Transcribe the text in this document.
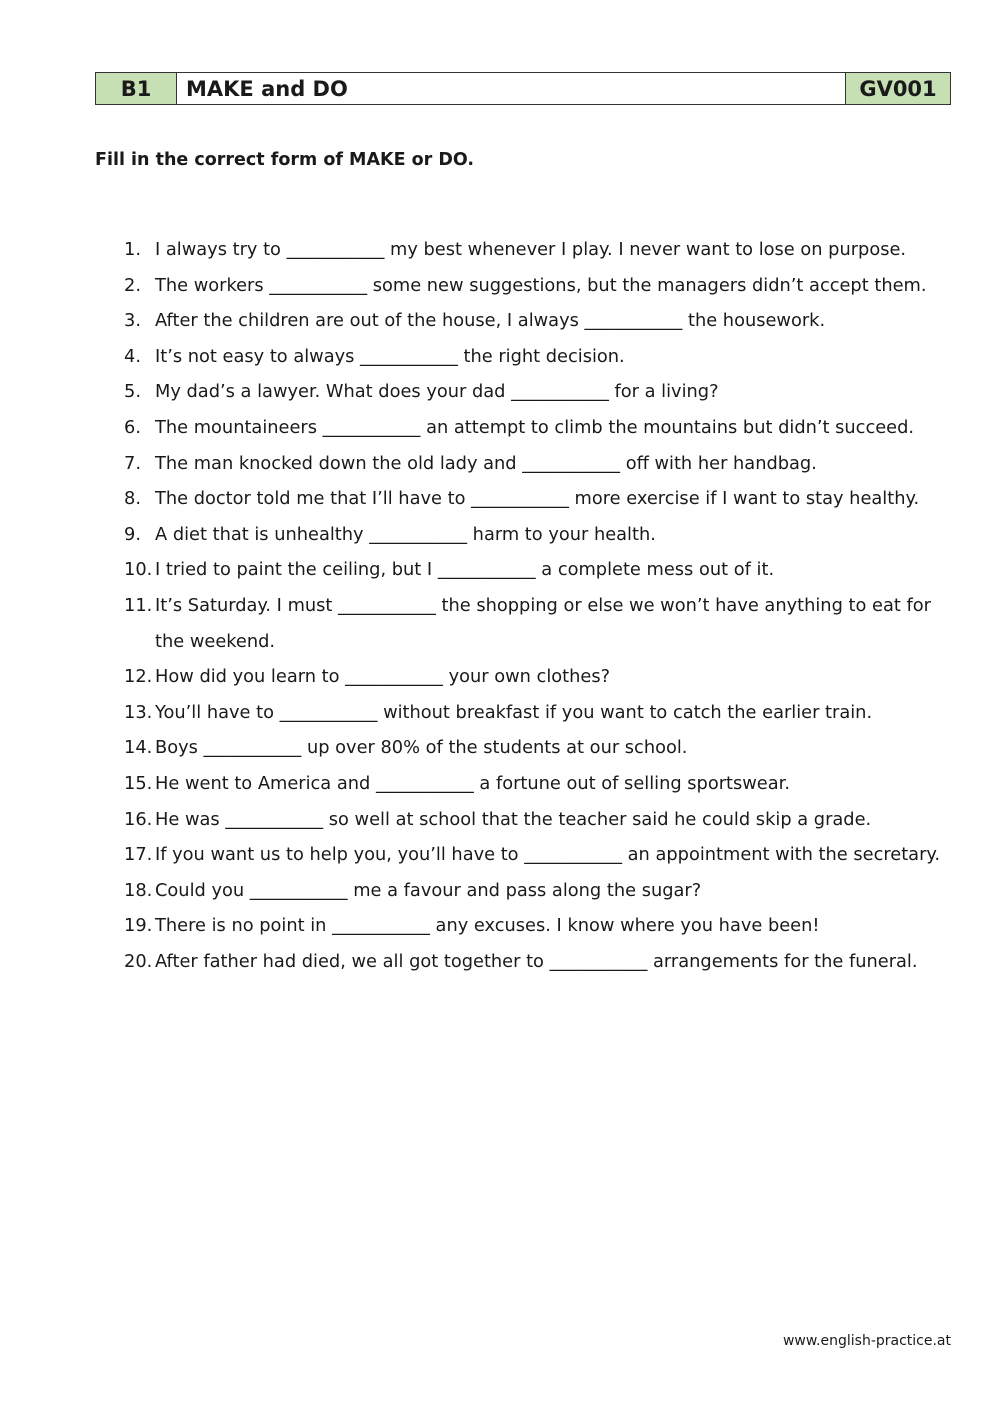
B1	MAKE and DO	GV001
Fill in the correct form of MAKE or DO.
1. I always try to ___________ my best whenever I play. I never want to lose on purpose.
2. The workers ___________ some new suggestions, but the managers didn’t accept them.
3. After the children are out of the house, I always ___________ the housework.
4. It’s not easy to always ___________ the right decision.
5. My dad’s a lawyer. What does your dad ___________ for a living?
6. The mountaineers ___________ an attempt to climb the mountains but didn’t succeed.
7. The man knocked down the old lady and ___________ off with her handbag.
8. The doctor told me that I’ll have to ___________ more exercise if I want to stay healthy.
9. A diet that is unhealthy ___________ harm to your health.
10. I tried to paint the ceiling, but I ___________ a complete mess out of it.
11. It’s Saturday. I must ___________ the shopping or else we won’t have anything to eat for the weekend.
12. How did you learn to ___________ your own clothes?
13. You’ll have to ___________ without breakfast if you want to catch the earlier train.
14. Boys ___________ up over 80% of the students at our school.
15. He went to America and ___________ a fortune out of selling sportswear.
16. He was ___________ so well at school that the teacher said he could skip a grade.
17. If you want us to help you, you’ll have to ___________ an appointment with the secretary.
18. Could you ___________ me a favour and pass along the sugar?
19. There is no point in ___________ any excuses. I know where you have been!
20. After father had died, we all got together to ___________ arrangements for the funeral.
www.english-practice.at
